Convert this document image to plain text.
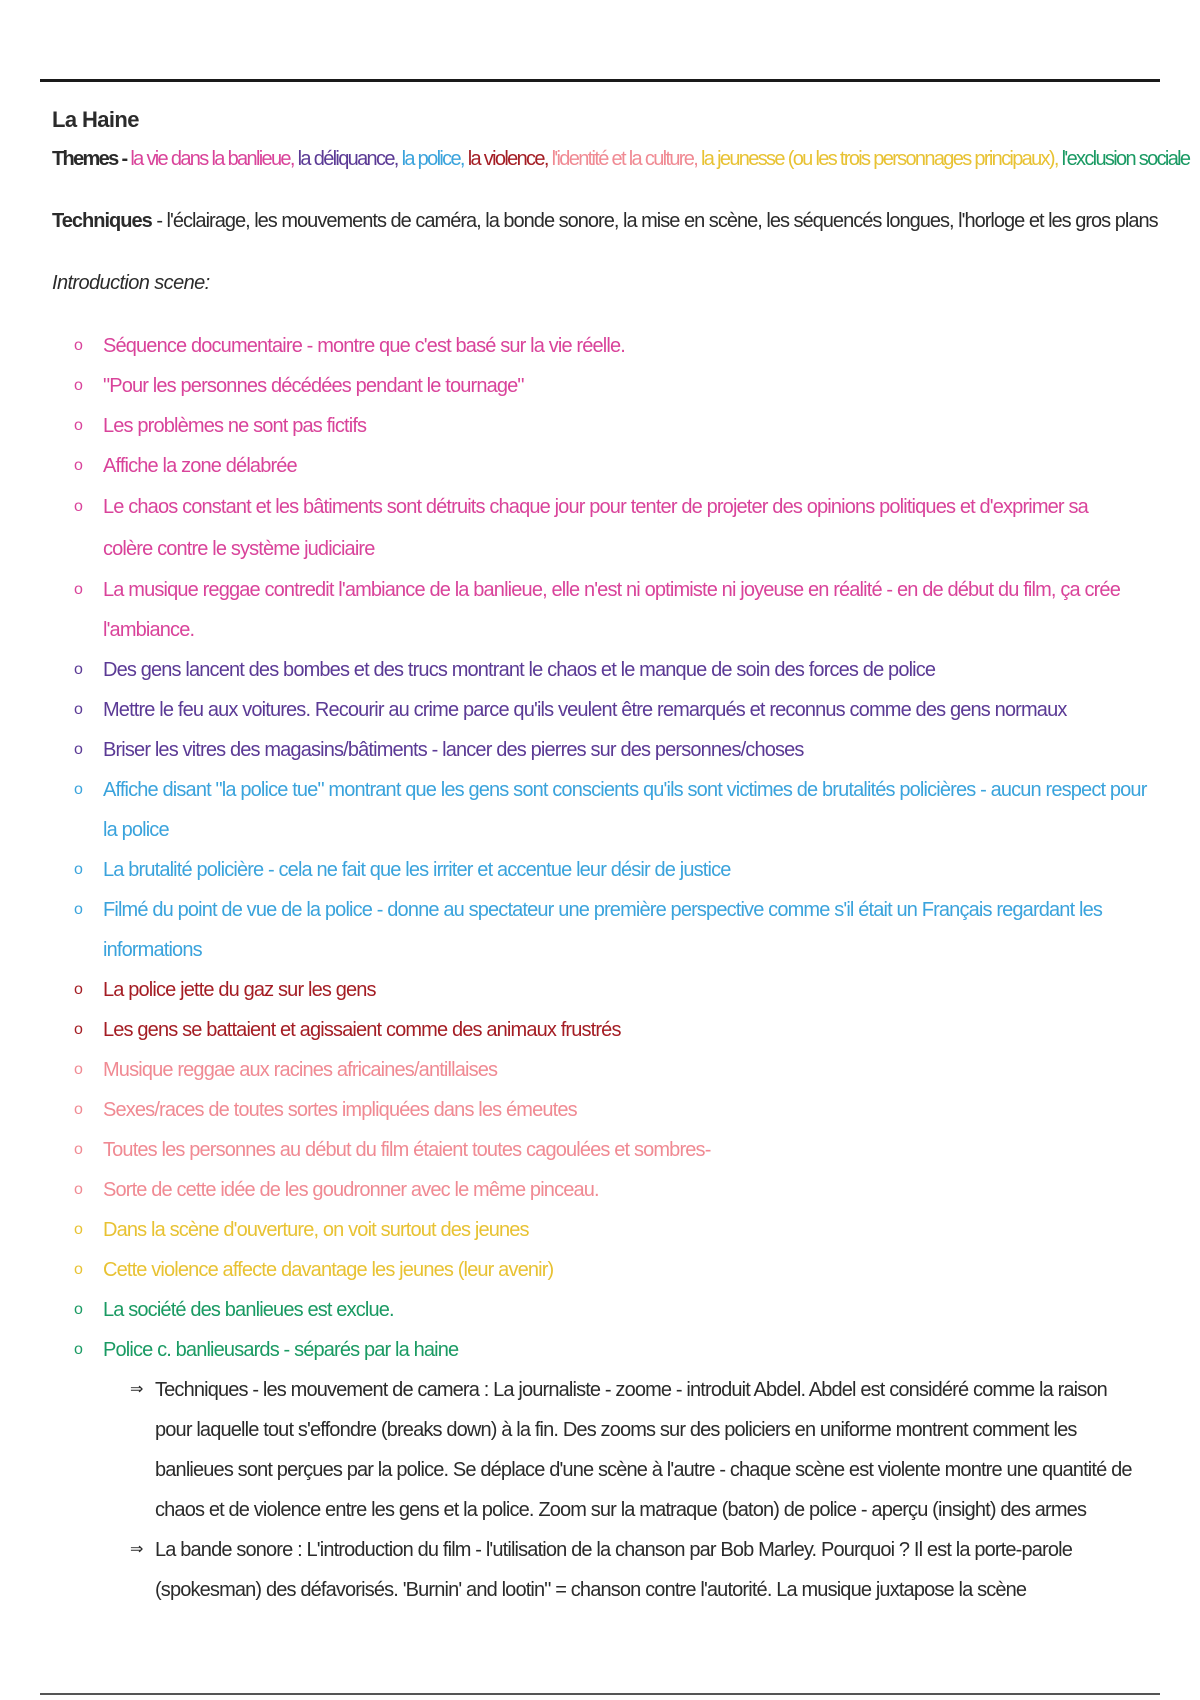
La Haine

Themes - la vie dans la banlieue, la déliquance, la police, la violence, l'identité et la culture, la jeunesse (ou les trois personnages principaux), l'exclusion sociale

Techniques - l'éclairage, les mouvements de caméra, la bonde sonore, la mise en scène, les séquencés longues, l'horloge et les gros plans

Introduction scene:

o Séquence documentaire - montre que c'est basé sur la vie réelle.
o "Pour les personnes décédées pendant le tournage"
o Les problèmes ne sont pas fictifs
o Affiche la zone délabrée
o Le chaos constant et les bâtiments sont détruits chaque jour pour tenter de projeter des opinions politiques et d'exprimer sa colère contre le système judiciaire
o La musique reggae contredit l'ambiance de la banlieue, elle n'est ni optimiste ni joyeuse en réalité - en de début du film, ça crée l'ambiance.
o Des gens lancent des bombes et des trucs montrant le chaos et le manque de soin des forces de police
o Mettre le feu aux voitures. Recourir au crime parce qu'ils veulent être remarqués et reconnus comme des gens normaux
o Briser les vitres des magasins/bâtiments - lancer des pierres sur des personnes/choses
o Affiche disant "la police tue" montrant que les gens sont conscients qu'ils sont victimes de brutalités policières - aucun respect pour la police
o La brutalité policière - cela ne fait que les irriter et accentue leur désir de justice
o Filmé du point de vue de la police - donne au spectateur une première perspective comme s'il était un Français regardant les informations
o La police jette du gaz sur les gens
o Les gens se battaient et agissaient comme des animaux frustrés
o Musique reggae aux racines africaines/antillaises
o Sexes/races de toutes sortes impliquées dans les émeutes
o Toutes les personnes au début du film étaient toutes cagoulées et sombres-
o Sorte de cette idée de les goudronner avec le même pinceau.
o Dans la scène d'ouverture, on voit surtout des jeunes
o Cette violence affecte davantage les jeunes (leur avenir)
o La société des banlieues est exclue.
o Police c. banlieusards - séparés par la haine
⇒ Techniques - les mouvement de camera : La journaliste - zoome - introduit Abdel. Abdel est considéré comme la raison pour laquelle tout s'effondre (breaks down) à la fin. Des zooms sur des policiers en uniforme montrent comment les banlieues sont perçues par la police. Se déplace d'une scène à l'autre - chaque scène est violente montre une quantité de chaos et de violence entre les gens et la police. Zoom sur la matraque (baton) de police - aperçu (insight) des armes
⇒ La bande sonore : L'introduction du film - l'utilisation de la chanson par Bob Marley. Pourquoi ? Il est la porte-parole (spokesman) des défavorisés. 'Burnin' and lootin" = chanson contre l'autorité. La musique juxtapose la scène
